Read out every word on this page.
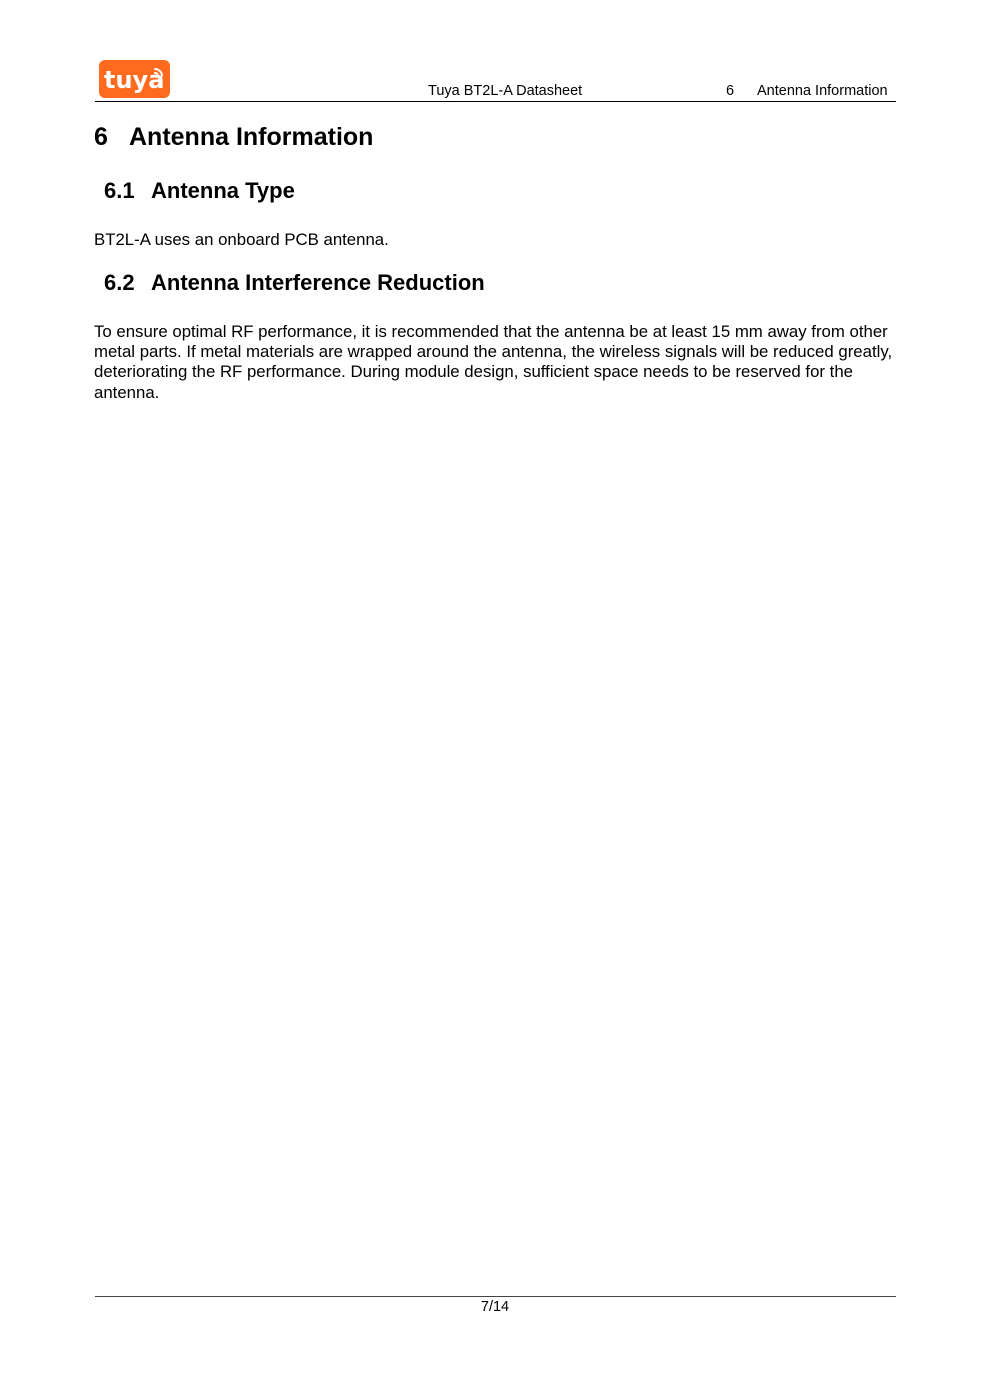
tuya	Tuya BT2L-A Datasheet	6 Antenna Information
6 Antenna Information
6.1 Antenna Type
BT2L-A uses an onboard PCB antenna.
6.2 Antenna Interference Reduction
To ensure optimal RF performance, it is recommended that the antenna be at least 15 mm away from other metal parts. If metal materials are wrapped around the antenna, the wireless signals will be reduced greatly, deteriorating the RF performance. During module design, sufficient space needs to be reserved for the antenna.
7/14
